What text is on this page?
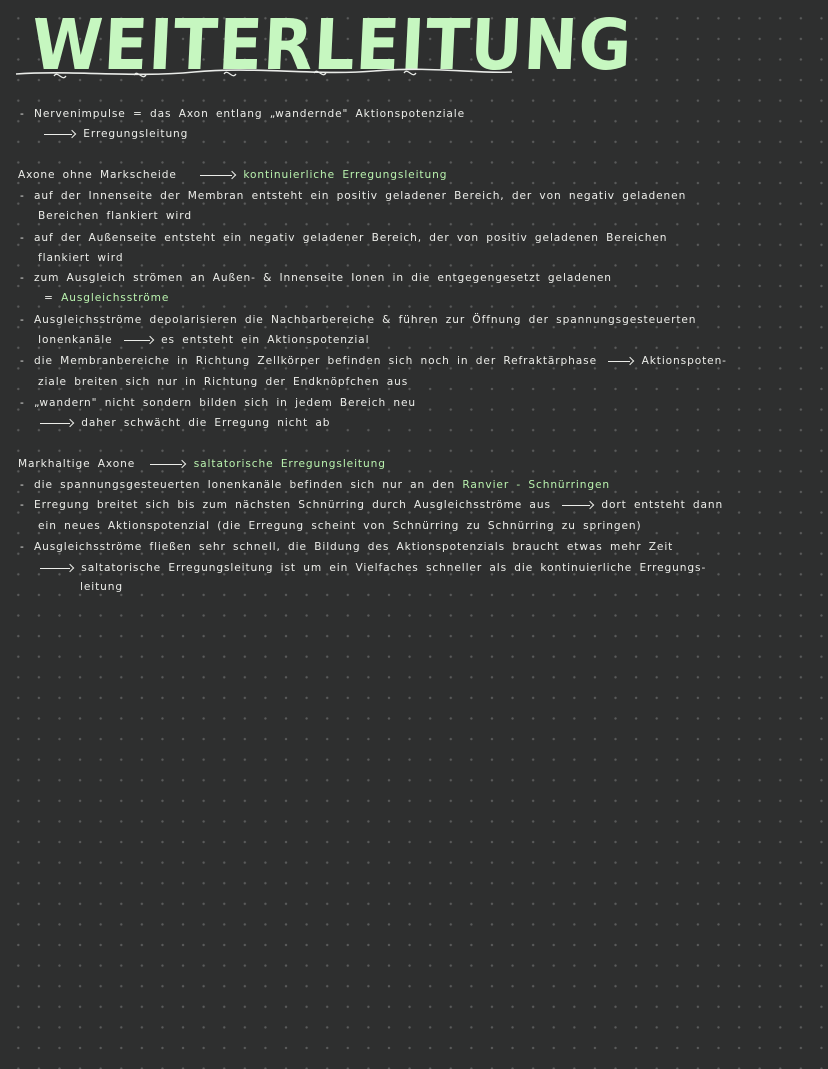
WEITERLEITUNG
- Nervenimpulse = das Axon entlang „wandernde" Aktionspotenziale
Erregungsleitung
Axone ohne Markscheide	kontinuierliche Erregungsleitung
- auf der Innenseite der Membran entsteht ein positiv geladener Bereich, der von negativ geladenen
Bereichen flankiert wird
- auf der Außenseite entsteht ein negativ geladener Bereich, der von positiv geladenen Bereichen
flankiert wird
- zum Ausgleich strömen an Außen- & Innenseite Ionen in die entgegengesetzt geladenen
= Ausgleichsströme
- Ausgleichsströme depolarisieren die Nachbarbereiche & führen zur Öffnung der spannungsgesteuerten
Ionenkanäle	es entsteht ein Aktionspotenzial
- die Membranbereiche in Richtung Zellkörper befinden sich noch in der Refraktärphase	Aktionspoten-
ziale breiten sich nur in Richtung der Endknöpfchen aus
- „wandern" nicht sondern bilden sich in jedem Bereich neu
daher schwächt die Erregung nicht ab
Markhaltige Axone	saltatorische Erregungsleitung
- die spannungsgesteuerten Ionenkanäle befinden sich nur an den Ranvier - Schnürringen
- Erregung breitet sich bis zum nächsten Schnürring durch Ausgleichsströme aus	dort entsteht dann
ein neues Aktionspotenzial (die Erregung scheint von Schnürring zu Schnürring zu springen)
- Ausgleichsströme fließen sehr schnell, die Bildung des Aktionspotenzials braucht etwas mehr Zeit
saltatorische Erregungsleitung ist um ein Vielfaches schneller als die kontinuierliche Erregungs-
leitung
